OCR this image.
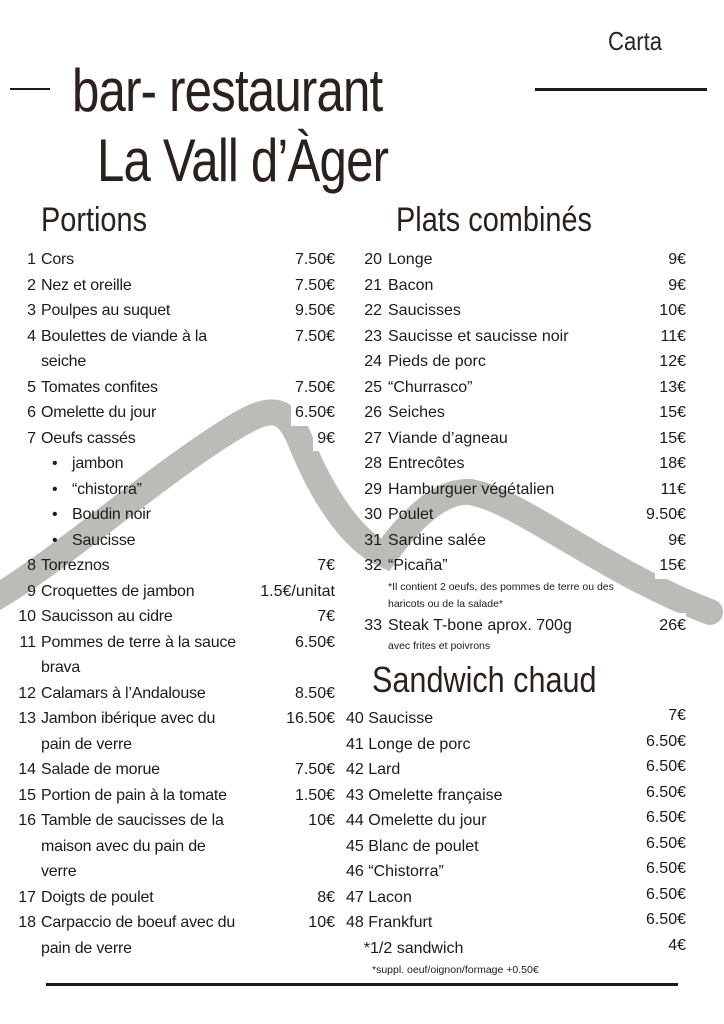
Carta
bar- restaurant
La Vall d’Àger
Portions	Plats combinés
1 Cors	7.50€
2 Nez et oreille	7.50€
3 Poulpes au suquet	9.50€
4 Boulettes de viande à la	7.50€
seiche
5 Tomates confites	7.50€
6 Omelette du jour	6.50€
7 Oeufs cassés	9€
• jambon
• “chistorra”
• Boudin noir
• Saucisse
8 Torreznos	7€
9 Croquettes de jambon	1.5€/unitat
10 Saucisson au cidre	7€
11 Pommes de terre à la sauce	6.50€
brava
12 Calamars à l’Andalouse	8.50€
13 Jambon ibérique avec du	16.50€
pain de verre
14 Salade de morue	7.50€
15 Portion de pain à la tomate	1.50€
16 Tamble de saucisses de la	10€
maison avec du pain de
verre
17 Doigts de poulet	8€
18 Carpaccio de boeuf avec du	10€
pain de verre
20 Longe	9€
21 Bacon	9€
22 Saucisses	10€
23 Saucisse et saucisse noir	11€
24 Pieds de porc	12€
25 “Churrasco”	13€
26 Seiches	15€
27 Viande d’agneau	15€
28 Entrecôtes	18€
29 Hamburguer végétalien	11€
30 Poulet	9.50€
31 Sardine salée	9€
32 “Picaña”	15€
*Il contient 2 oeufs, des pommes de terre ou des
haricots ou de la salade*
33 Steak T-bone aprox. 700g	26€
avec frites et poivrons
Sandwich chaud
40 Saucisse	7€
41 Longe de porc	6.50€
42 Lard	6.50€
43 Omelette française	6.50€
44 Omelette du jour	6.50€
45 Blanc de poulet	6.50€
46 “Chistorra”	6.50€
47 Lacon	6.50€
48 Frankfurt	6.50€
*1/2 sandwich	4€
*suppl. oeuf/oignon/formage +0.50€
